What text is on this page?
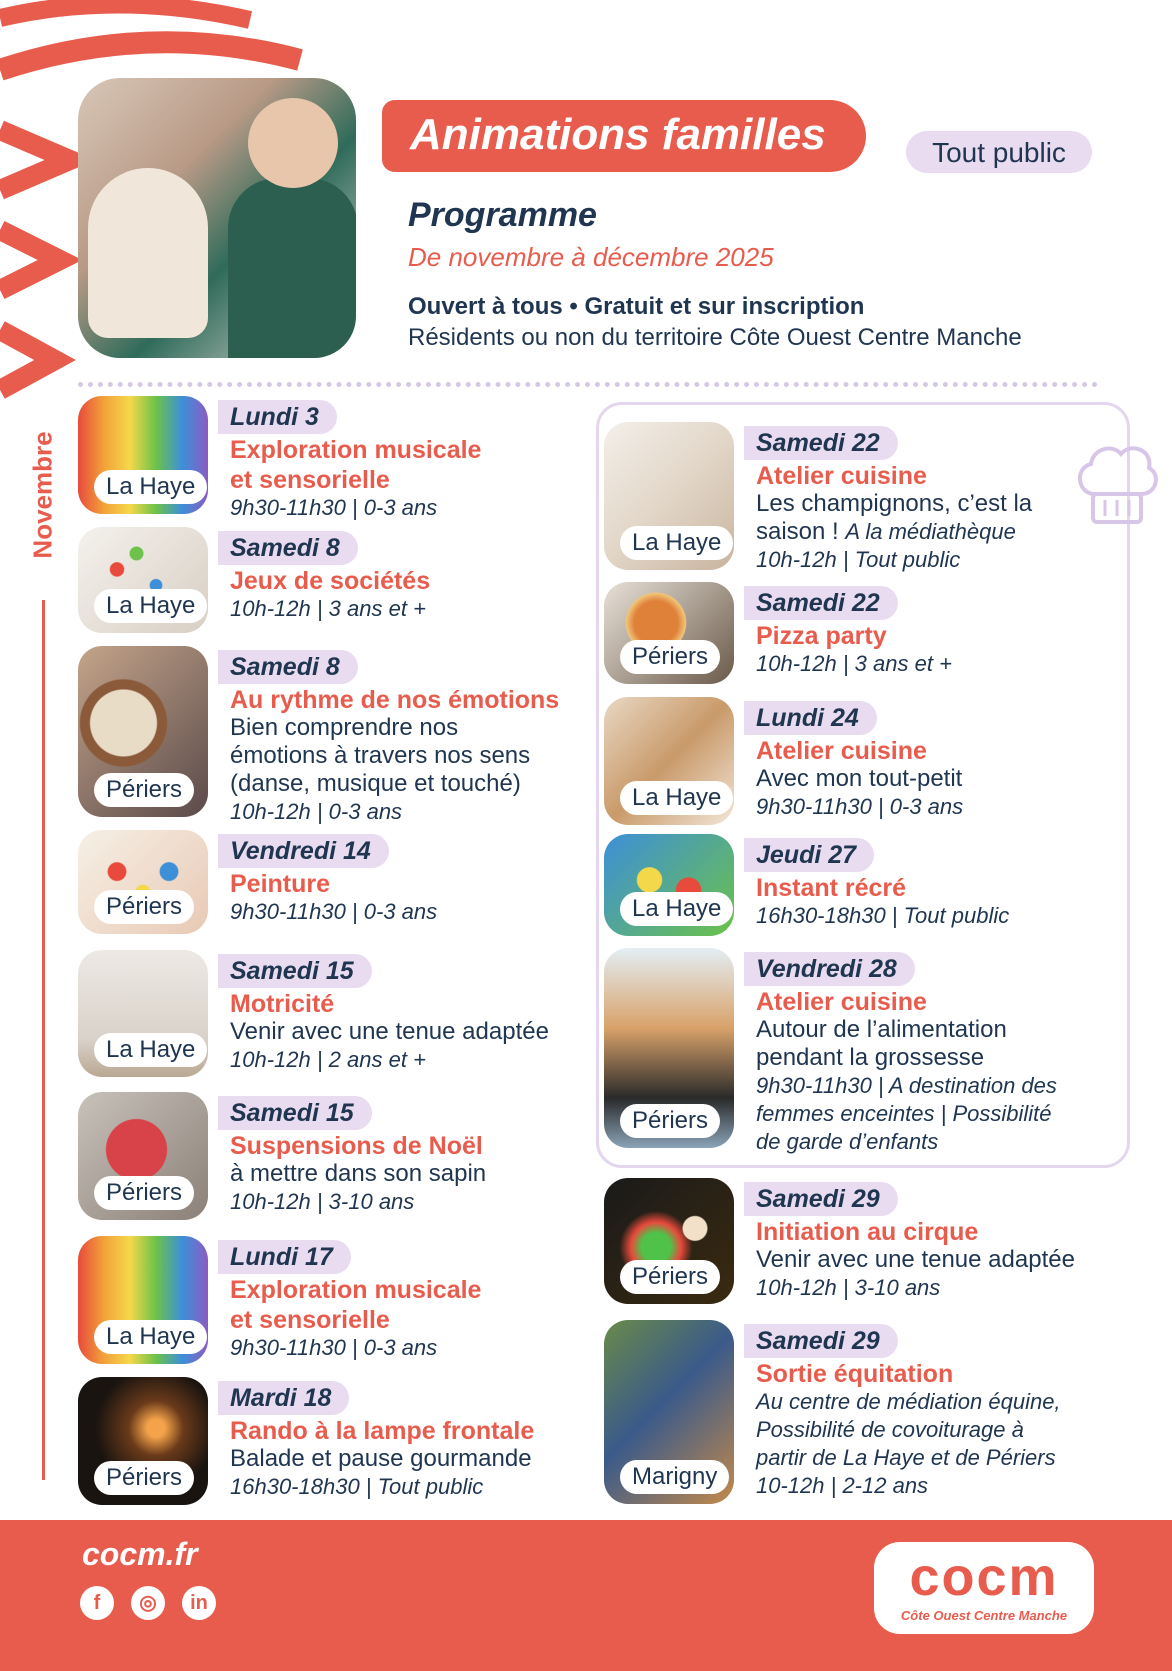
Animations familles	Tout public
Programme
De novembre à décembre 2025
Ouvert à tous • Gratuit et sur inscription
Résidents ou non du territoire Côte Ouest Centre Manche
Novembre	La Haye
Lundi 3
Exploration musicale
et sensorielle
9h30-11h30 | 0-3 ans
La Haye
Samedi 8
Jeux de sociétés
10h-12h | 3 ans et +
Périers
Samedi 8
Au rythme de nos émotions
Bien comprendre nos
émotions à travers nos sens
(danse, musique et touché)
10h-12h | 0-3 ans
Périers
Vendredi 14
Peinture
9h30-11h30 | 0-3 ans
La Haye
Samedi 15
Motricité
Venir avec une tenue adaptée
10h-12h | 2 ans et +
Périers
Samedi 15
Suspensions de Noël
à mettre dans son sapin
10h-12h | 3-10 ans
La Haye
Lundi 17
Exploration musicale
et sensorielle
9h30-11h30 | 0-3 ans
Périers
Mardi 18
Rando à la lampe frontale
Balade et pause gourmande
16h30-18h30 | Tout public
La Haye
Samedi 22
Atelier cuisine
Les champignons, c’est la
saison ! A la médiathèque
10h-12h | Tout public
Périers
Samedi 22
Pizza party
10h-12h | 3 ans et +
La Haye
Lundi 24
Atelier cuisine
Avec mon tout-petit
9h30-11h30 | 0-3 ans
La Haye
Jeudi 27
Instant récré
16h30-18h30 | Tout public
Périers
Vendredi 28
Atelier cuisine
Autour de l’alimentation
pendant la grossesse
9h30-11h30 | A destination des
femmes enceintes | Possibilité
de garde d’enfants
Périers
Samedi 29
Initiation au cirque
Venir avec une tenue adaptée
10h-12h | 3-10 ans
Marigny
Samedi 29
Sortie équitation
Au centre de médiation équine,
Possibilité de covoiturage à
partir de La Haye et de Périers
10-12h | 2-12 ans
cocm.fr
f	◎	in	cocm
Côte Ouest Centre Manche
